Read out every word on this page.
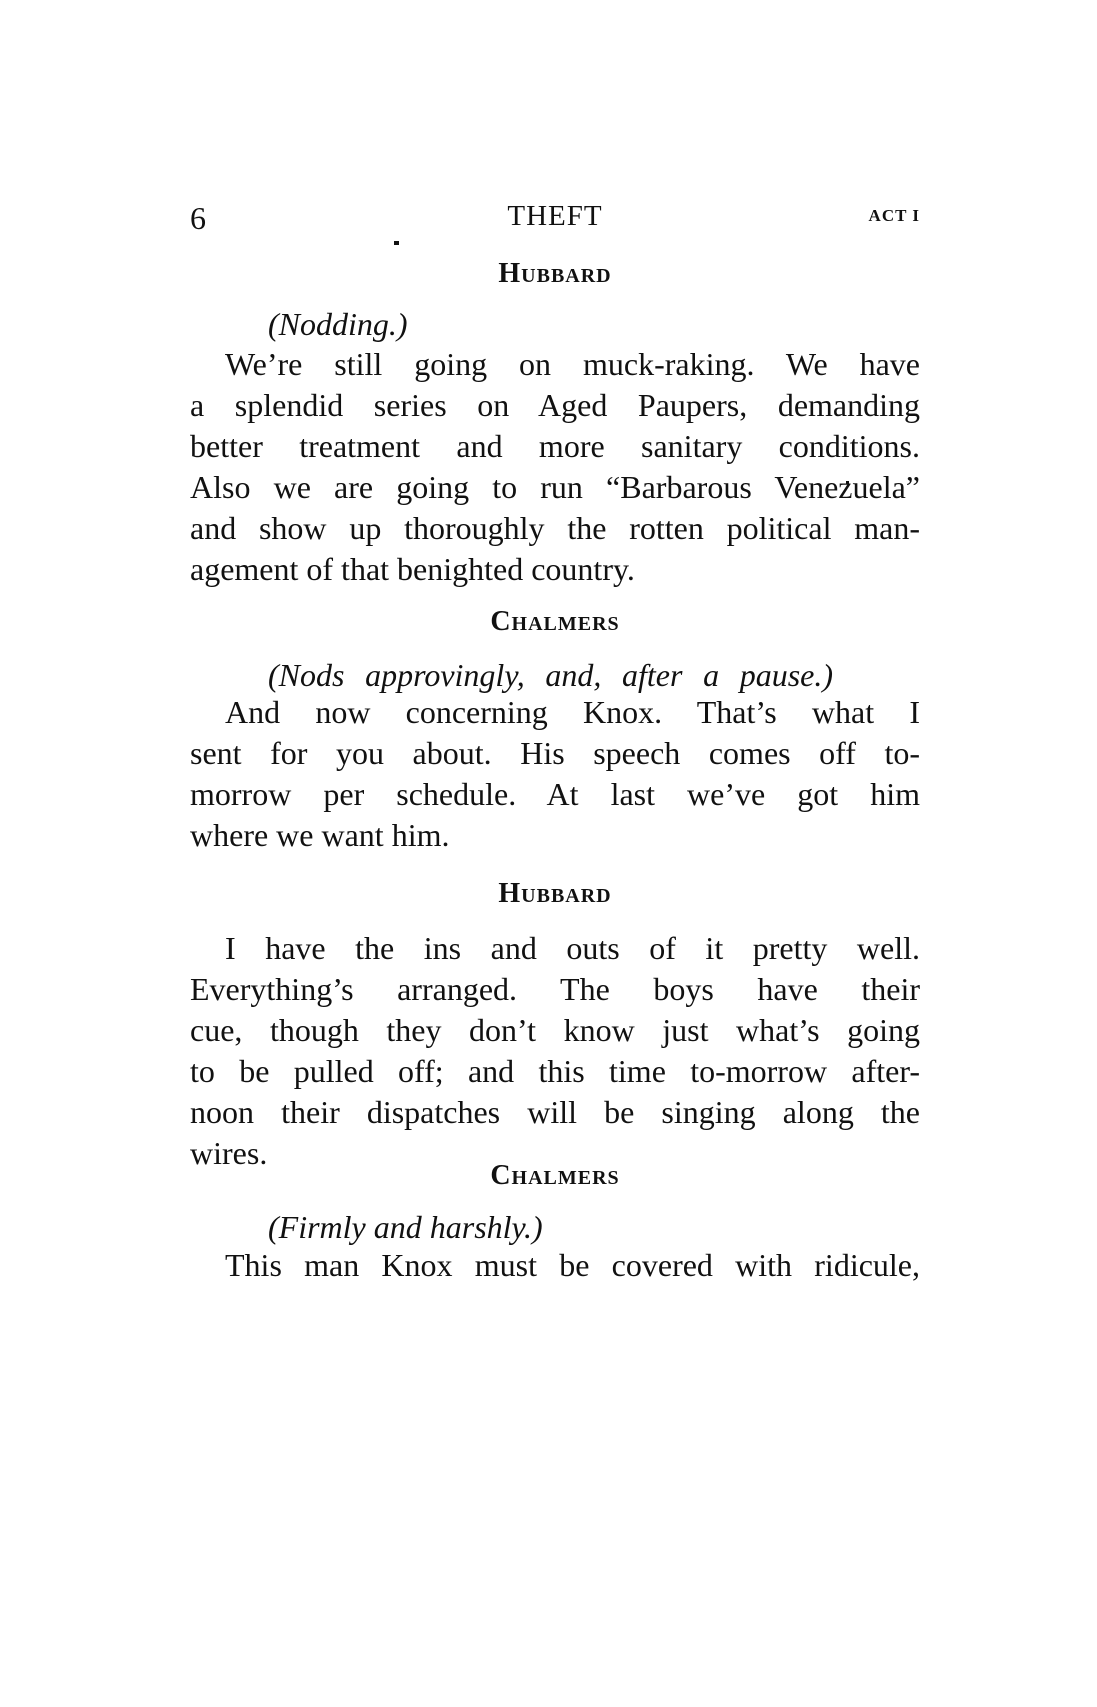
6	THEFT	ACT I
Hubbard
(Nodding.)
We’re still going on muck-raking. We have
a splendid series on Aged Paupers, demanding
better treatment and more sanitary conditions.
Also we are going to run “Barbarous Venezuela”
and show up thoroughly the rotten political man-
agement of that benighted country.
Chalmers
(Nods approvingly, and, after a pause.)
And now concerning Knox. That’s what I
sent for you about. His speech comes off to-
morrow per schedule. At last we’ve got him
where we want him.
Hubbard
I have the ins and outs of it pretty well.
Everything’s arranged. The boys have their
cue, though they don’t know just what’s going
to be pulled off; and this time to-morrow after-
noon their dispatches will be singing along the
wires.
Chalmers
(Firmly and harshly.)
This man Knox must be covered with ridicule,
